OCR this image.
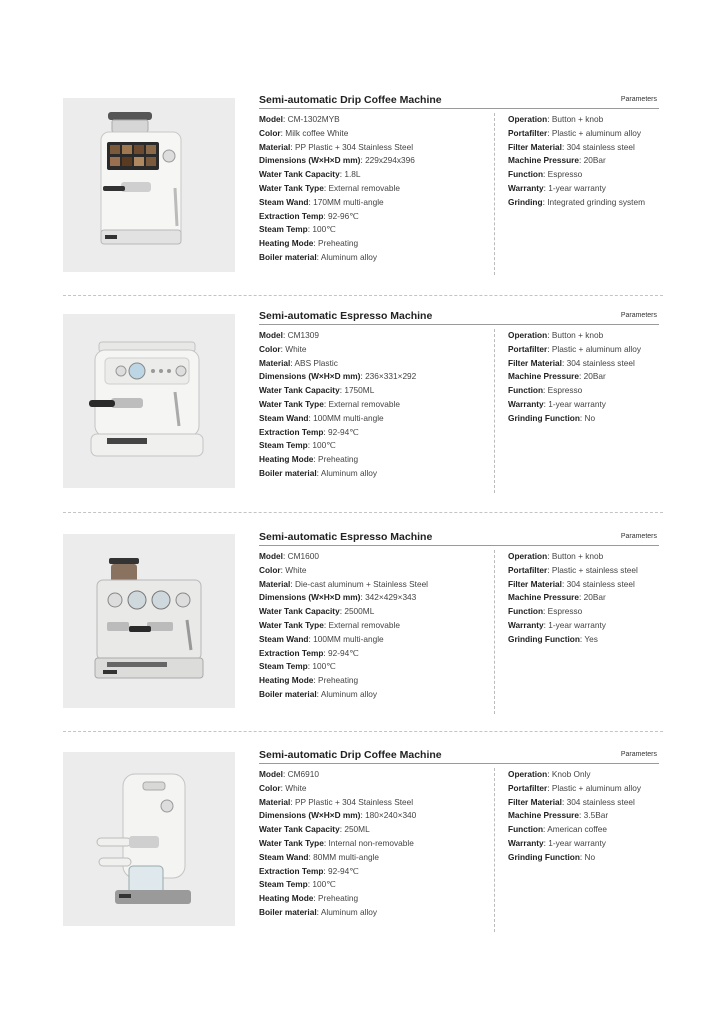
Semi-automatic Drip Coffee Machine	Parameters
Model: CM-1302MYB
Color: Milk coffee White
Material: PP Plastic + 304 Stainless Steel
Dimensions (W×H×D mm): 229x294x396
Water Tank Capacity: 1.8L
Water Tank Type: External removable
Steam Wand: 170MM multi-angle
Extraction Temp: 92-96℃
Steam Temp: 100℃
Heating Mode: Preheating
Boiler material: Aluminum alloy
Operation: Button + knob
Portafilter: Plastic + aluminum alloy
Filter Material: 304 stainless steel
Machine Pressure: 20Bar
Function: Espresso
Warranty: 1-year warranty
Grinding: Integrated grinding system
Semi-automatic Espresso Machine	Parameters
Model: CM1309
Color: White
Material: ABS Plastic
Dimensions (W×H×D mm): 236×331×292
Water Tank Capacity: 1750ML
Water Tank Type: External removable
Steam Wand: 100MM multi-angle
Extraction Temp: 92-94℃
Steam Temp: 100℃
Heating Mode: Preheating
Boiler material: Aluminum alloy
Operation: Button + knob
Portafilter: Plastic + aluminum alloy
Filter Material: 304 stainless steel
Machine Pressure: 20Bar
Function: Espresso
Warranty: 1-year warranty
Grinding Function: No
Semi-automatic Espresso Machine	Parameters
Model: CM1600
Color: White
Material: Die-cast aluminum + Stainless Steel
Dimensions (W×H×D mm): 342×429×343
Water Tank Capacity: 2500ML
Water Tank Type: External removable
Steam Wand: 100MM multi-angle
Extraction Temp: 92-94℃
Steam Temp: 100℃
Heating Mode: Preheating
Boiler material: Aluminum alloy
Operation: Button + knob
Portafilter: Plastic + stainless steel
Filter Material: 304 stainless steel
Machine Pressure: 20Bar
Function: Espresso
Warranty: 1-year warranty
Grinding Function: Yes
Semi-automatic Drip Coffee Machine	Parameters
Model: CM6910
Color: White
Material: PP Plastic + 304 Stainless Steel
Dimensions (W×H×D mm): 180×240×340
Water Tank Capacity: 250ML
Water Tank Type: Internal non-removable
Steam Wand: 80MM multi-angle
Extraction Temp: 92-94℃
Steam Temp: 100℃
Heating Mode: Preheating
Boiler material: Aluminum alloy
Operation: Knob Only
Portafilter: Plastic + aluminum alloy
Filter Material: 304 stainless steel
Machine Pressure: 3.5Bar
Function: American coffee
Warranty: 1-year warranty
Grinding Function: No
